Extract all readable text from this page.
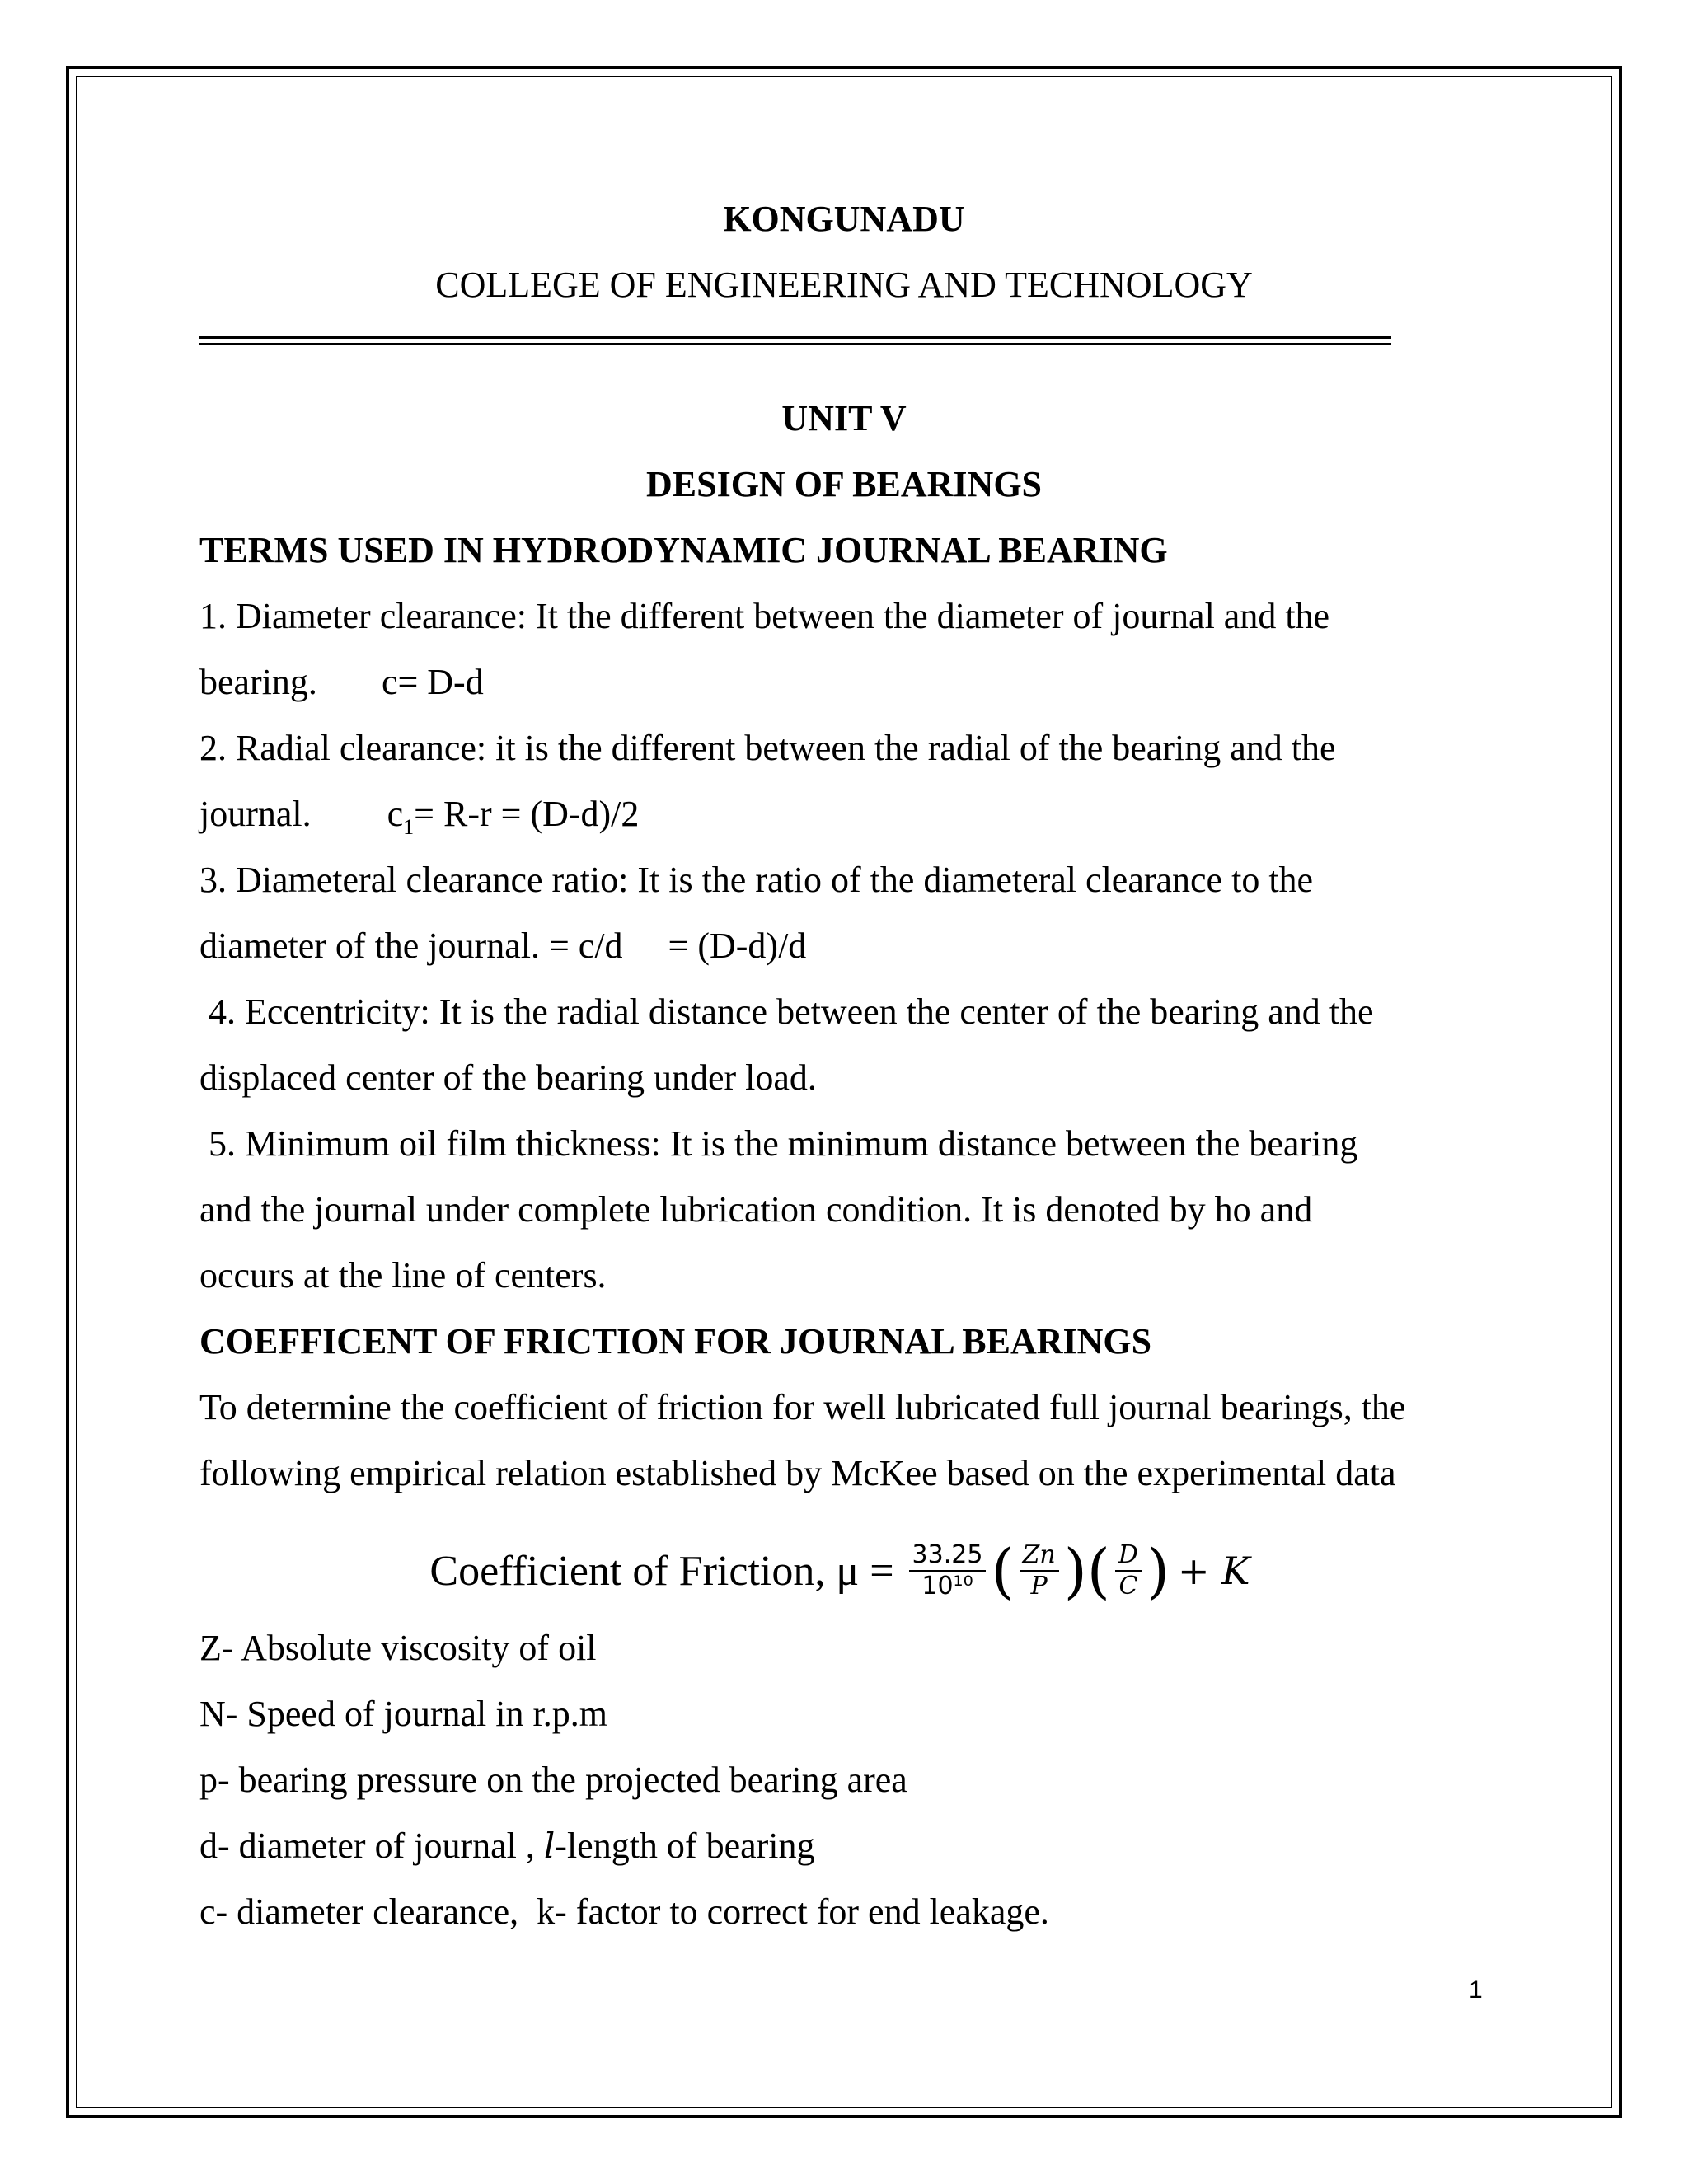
KONGUNADU
COLLEGE OF ENGINEERING AND TECHNOLOGY
UNIT V
DESIGN OF BEARINGS
TERMS USED IN HYDRODYNAMIC JOURNAL BEARING
1. Diameter clearance: It the different between the diameter of journal and the
bearing. c= D-d
2. Radial clearance: it is the different between the radial of the bearing and the
journal. $c_1= R-r = (D-d)/2$
3. Diameteral clearance ratio: It is the ratio of the diameteral clearance to the
diameter of the journal. = c/d     = (D-d)/d
4. Eccentricity: It is the radial distance between the center of the bearing and the
displaced center of the bearing under load.
5. Minimum oil film thickness: It is the minimum distance between the bearing
and the journal under complete lubrication condition. It is denoted by ho and
occurs at the line of centers.
COEFFICENT OF FRICTION FOR JOURNAL BEARINGS
To determine the coefficient of friction for well lubricated full journal bearings, the
following empirical relation established by McKee based on the experimental data
Coefficient of Friction, $\mu = \frac{33.25}{\text{10¹⁰}}$ ( $\frac{Zn}{P}$ ) ( $\frac{D}{C}$ ) + K
Z- Absolute viscosity of oil
N- Speed of journal in r.p.m
p- bearing pressure on the projected bearing area
d- diameter of journal , l-length of bearing
c- diameter clearance,  k- factor to correct for end leakage.
1
